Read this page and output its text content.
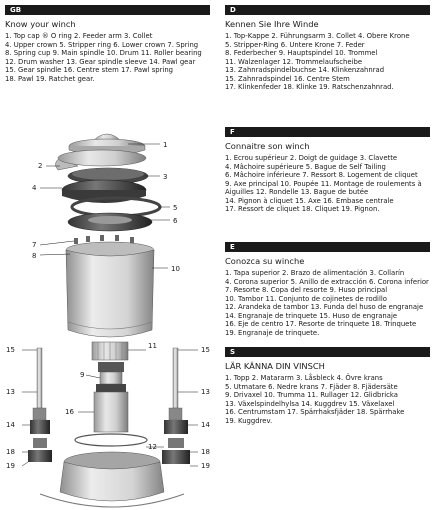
GB
Know your winch
1. Top cap ® O ring 2. Feeder arm 3. Collet
4. Upper crown 5. Stripper ring 6. Lower crown 7. Spring
8. Spring cup 9. Main spindle 10. Drum 11. Roller bearing
12. Drum washer 13. Gear spindle sleeve 14. Pawl gear
15. Gear spindle 16. Centre stem 17. Pawl spring
18. Pawl 19. Ratchet gear.
D
Kennen Sie Ihre Winde
1. Top-Kappe 2. Führungsarm 3. Collet 4. Obere Krone
5. Stripper-Ring 6. Untere Krone 7. Feder
8. Federbecher 9. Hauptspindel 10. Trommel
11. Walzenlager 12. Trommelaufscheibe
13. Zahnradspindelbuchse 14. Klinkenzahnrad
15. Zahnradspindel 16. Centre Stem
17. Klinkenfeder 18. Klinke 19. Ratschenzahnrad.
F
Connaitre son winch
1. Ecrou supérieur 2. Doigt de guidage 3. Clavette
4. Mâchoire supérieure 5. Bague de Self Tailing
6. Mâchoire inférieure 7. Ressort 8. Logement de cliquet
9. Axe principal 10. Poupée 11. Montage de roulements à
Aiguilles 12. Rondelle 13. Bague de butée
14. Pignon à cliquet 15. Axe 16. Embase centrale
17. Ressort de cliquet 18. Cliquet 19. Pignon.
E
Conozca su winche
1. Tapa superior 2. Brazo de alimentación 3. Collarín
4. Corona superior 5. Anillo de extracción 6. Corona inferior
7. Resorte 8. Copa del resorte 9. Huso principal
10. Tambor 11. Conjunto de cojinetes de rodillo
12. Arandeka de tambor 13. Funda del huso de engranaje
14. Engranaje de trinquete 15. Huso de engranaje
16. Eje de centro 17. Resorte de trinquete 18. Trinquete
19. Engranaje de trinquete.
S
LÄR KÄNNA DIN VINSCH
1. Topp 2. Matararm 3. Låsbleck 4. Övre krans
5. Utmatare 6. Nedre krans 7. Fjäder 8. Fjädersäte
9. Drivaxel 10. Trumma 11. Rullager 12. Glidbricka
13. Växelspindelhylsa 14. Kuggdrev 15. Växelaxel
16. Centrumstam 17. Spärrhaksfjäder 18. Spärrhake
19. Kuggdrev.
1
2
3
4
5
6
7
8
10
11
9
15	15
13	13
14	14
16
12
18	18
19	19
